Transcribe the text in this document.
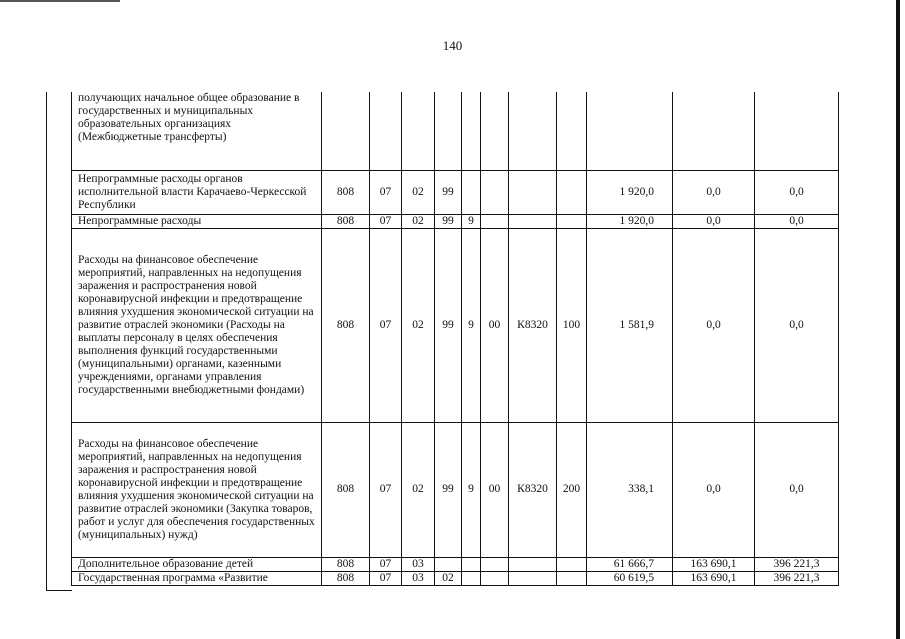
140
получающих начальное общее образование в государственных и муниципальных образовательных организациях (Межбюджетные трансферты)											
Непрограммные расходы органов исполнительной власти Карачаево-Черкесской Республики	808	07	02	99					1 920,0	0,0	0,0
Непрограммные расходы	808	07	02	99	9				1 920,0	0,0	0,0
Расходы на финансовое обеспечение мероприятий, направленных на недопущения заражения и распространения новой коронавирусной инфекции и предотвращение влияния ухудшения экономической ситуации на развитие отраслей экономики (Расходы на выплаты персоналу в целях обеспечения выполнения функций государственными (муниципальными) органами, казенными учреждениями, органами управления государственными внебюджетными фондами)	808	07	02	99	9	00	К8320	100	1 581,9	0,0	0,0
Расходы на финансовое обеспечение мероприятий, направленных на недопущения заражения и распространения новой коронавирусной инфекции и предотвращение влияния ухудшения экономической ситуации на развитие отраслей экономики (Закупка товаров, работ и услуг для обеспечения государственных (муниципальных) нужд)	808	07	02	99	9	00	К8320	200	338,1	0,0	0,0
Дополнительное образование детей	808	07	03						61 666,7	163 690,1	396 221,3
Государственная программа «Развитие	808	07	03	02					60 619,5	163 690,1	396 221,3
